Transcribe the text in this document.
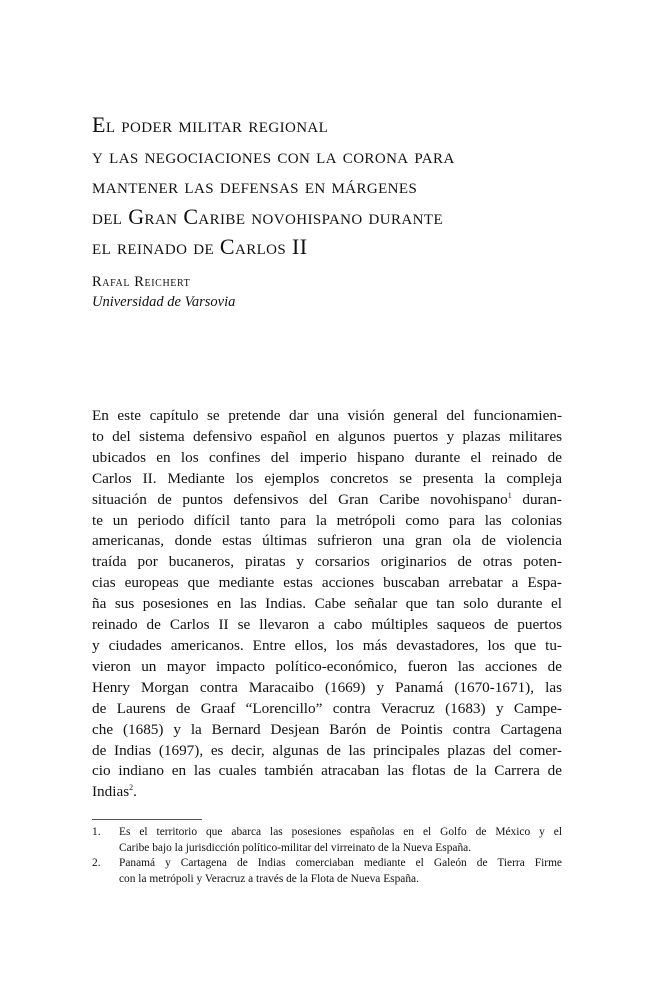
El poder militar regional
y las negociaciones con la corona para
mantener las defensas en márgenes
del Gran Caribe novohispano durante
el reinado de Carlos II
Rafal Reichert
Universidad de Varsovia
En este capítulo se pretende dar una visión general del funcionamien-
to del sistema defensivo español en algunos puertos y plazas militares
ubicados en los confines del imperio hispano durante el reinado de
Carlos II. Mediante los ejemplos concretos se presenta la compleja
situación de puntos defensivos del Gran Caribe novohispano$^1$ duran-
te un periodo difícil tanto para la metrópoli como para las colonias
americanas, donde estas últimas sufrieron una gran ola de violencia
traída por bucaneros, piratas y corsarios originarios de otras poten-
cias europeas que mediante estas acciones buscaban arrebatar a Espa-
ña sus posesiones en las Indias. Cabe señalar que tan solo durante el
reinado de Carlos II se llevaron a cabo múltiples saqueos de puertos
y ciudades americanos. Entre ellos, los más devastadores, los que tu-
vieron un mayor impacto político-económico, fueron las acciones de
Henry Morgan contra Maracaibo (1669) y Panamá (1670-1671), las
de Laurens de Graaf “Lorencillo” contra Veracruz (1683) y Campe-
che (1685) y la Bernard Desjean Barón de Pointis contra Cartagena
de Indias (1697), es decir, algunas de las principales plazas del comer-
cio indiano en las cuales también atracaban las flotas de la Carrera de
Indias$^2$.
1. Es el territorio que abarca las posesiones españolas en el Golfo de México y el
Caribe bajo la jurisdicción político-militar del virreinato de la Nueva España.
2. Panamá y Cartagena de Indias comerciaban mediante el Galeón de Tierra Firme
con la metrópoli y Veracruz a través de la Flota de Nueva España.
